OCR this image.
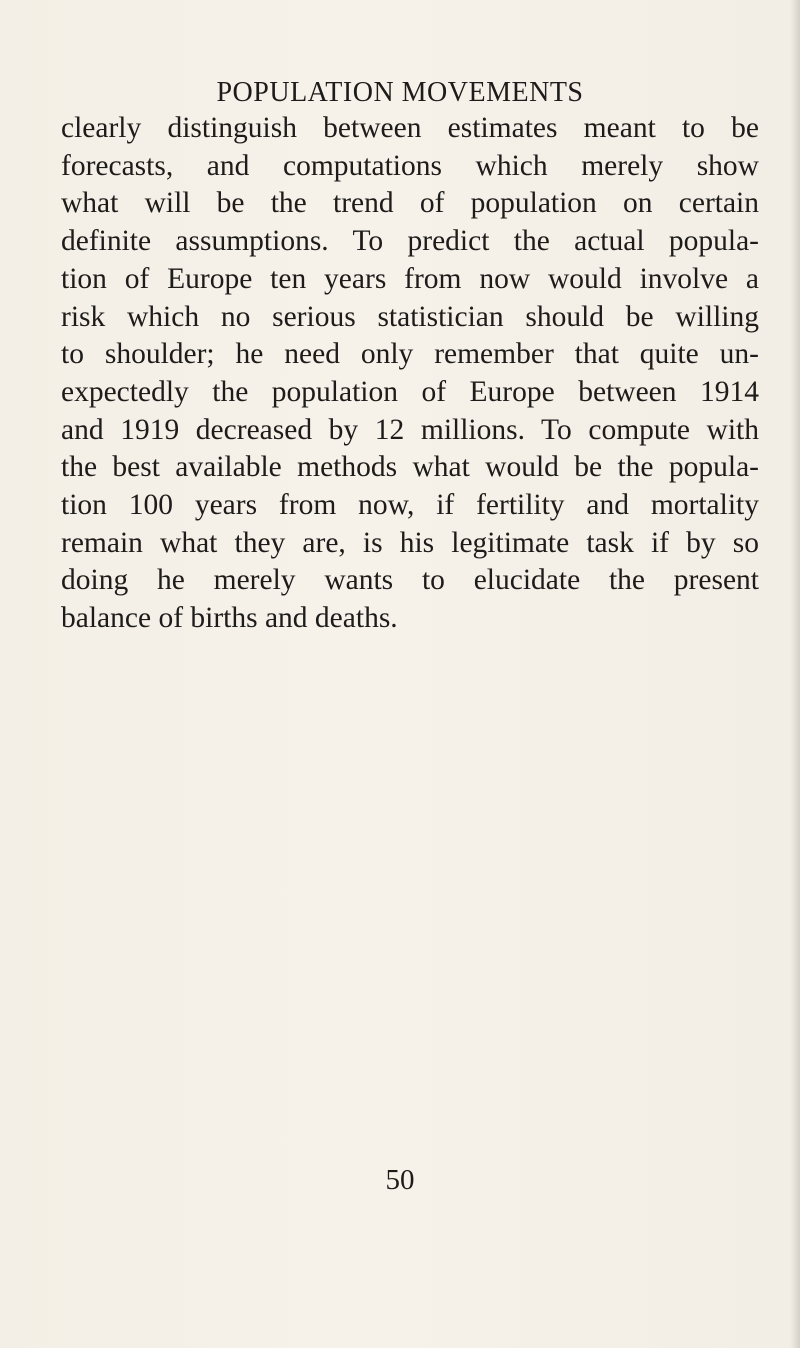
POPULATION MOVEMENTS
clearly distinguish between estimates meant to be
forecasts, and computations which merely show
what will be the trend of population on certain
definite assumptions. To predict the actual popula-
tion of Europe ten years from now would involve a
risk which no serious statistician should be willing
to shoulder; he need only remember that quite un-
expectedly the population of Europe between 1914
and 1919 decreased by 12 millions. To compute with
the best available methods what would be the popula-
tion 100 years from now, if fertility and mortality
remain what they are, is his legitimate task if by so
doing he merely wants to elucidate the present
balance of births and deaths.
50
